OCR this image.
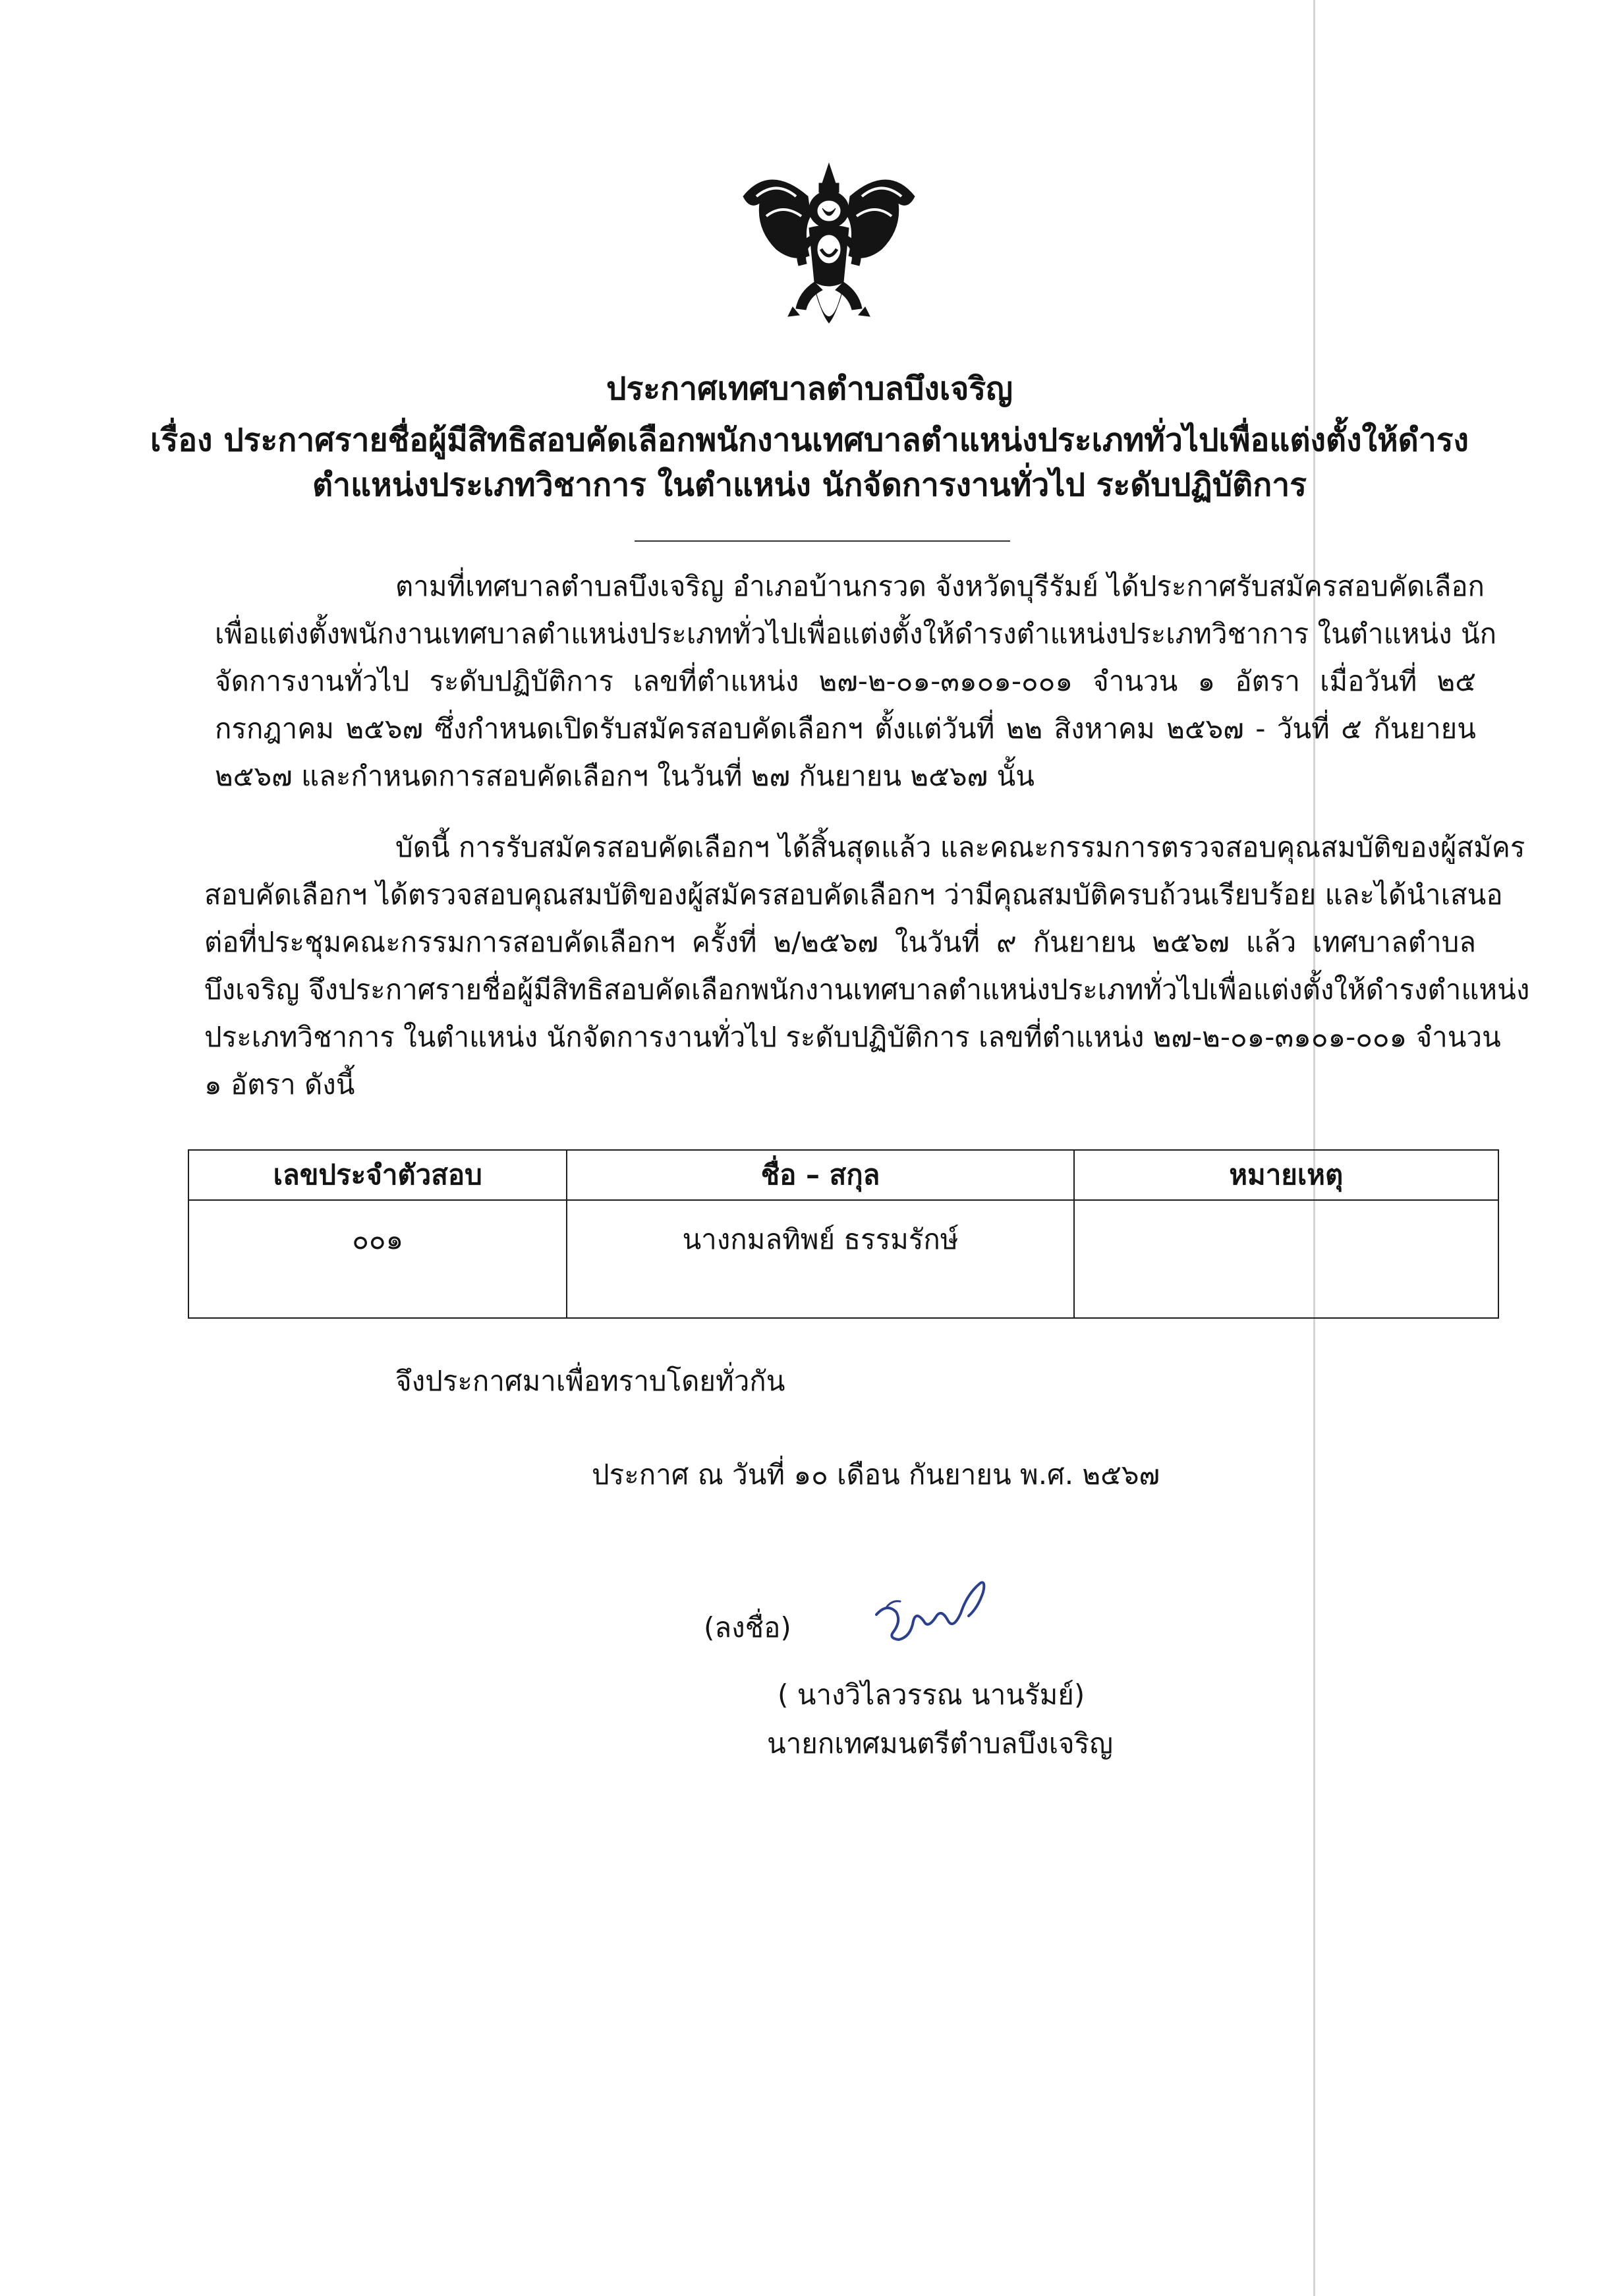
ประกาศเทศบาลตำบลบึงเจริญ
เรื่อง ประกาศรายชื่อผู้มีสิทธิสอบคัดเลือกพนักงานเทศบาลตำแหน่งประเภททั่วไปเพื่อแต่งตั้งให้ดำรง
ตำแหน่งประเภทวิชาการ ในตำแหน่ง นักจัดการงานทั่วไป ระดับปฏิบัติการ
ตามที่เทศบาลตำบลบึงเจริญ อำเภอบ้านกรวด จังหวัดบุรีรัมย์ ได้ประกาศรับสมัครสอบคัดเลือก
เพื่อแต่งตั้งพนักงานเทศบาลตำแหน่งประเภททั่วไปเพื่อแต่งตั้งให้ดำรงตำแหน่งประเภทวิชาการ ในตำแหน่ง นัก
จัดการงานทั่วไป ระดับปฏิบัติการ เลขที่ตำแหน่ง ๒๗-๒-๐๑-๓๑๐๑-๐๐๑ จำนวน ๑ อัตรา เมื่อวันที่ ๒๕
กรกฎาคม ๒๕๖๗ ซึ่งกำหนดเปิดรับสมัครสอบคัดเลือกฯ ตั้งแต่วันที่ ๒๒ สิงหาคม ๒๕๖๗ - วันที่ ๕ กันยายน
๒๕๖๗ และกำหนดการสอบคัดเลือกฯ ในวันที่ ๒๗ กันยายน ๒๕๖๗ นั้น
บัดนี้ การรับสมัครสอบคัดเลือกฯ ได้สิ้นสุดแล้ว และคณะกรรมการตรวจสอบคุณสมบัติของผู้สมัคร
สอบคัดเลือกฯ ได้ตรวจสอบคุณสมบัติของผู้สมัครสอบคัดเลือกฯ ว่ามีคุณสมบัติครบถ้วนเรียบร้อย และได้นำเสนอ
ต่อที่ประชุมคณะกรรมการสอบคัดเลือกฯ ครั้งที่ ๒/๒๕๖๗ ในวันที่ ๙ กันยายน ๒๕๖๗ แล้ว เทศบาลตำบล
บึงเจริญ จึงประกาศรายชื่อผู้มีสิทธิสอบคัดเลือกพนักงานเทศบาลตำแหน่งประเภททั่วไปเพื่อแต่งตั้งให้ดำรงตำแหน่ง
ประเภทวิชาการ ในตำแหน่ง นักจัดการงานทั่วไป ระดับปฏิบัติการ เลขที่ตำแหน่ง ๒๗-๒-๐๑-๓๑๐๑-๐๐๑ จำนวน
๑ อัตรา ดังนี้
เลขประจำตัวสอบ	ชื่อ – สกุล	หมายเหตุ
๐๐๑	นางกมลทิพย์ ธรรมรักษ์	
จึงประกาศมาเพื่อทราบโดยทั่วกัน
ประกาศ ณ วันที่ ๑๐ เดือน กันยายน พ.ศ. ๒๕๖๗
(ลงชื่อ)
( นางวิไลวรรณ นานรัมย์)
นายกเทศมนตรีตำบลบึงเจริญ
